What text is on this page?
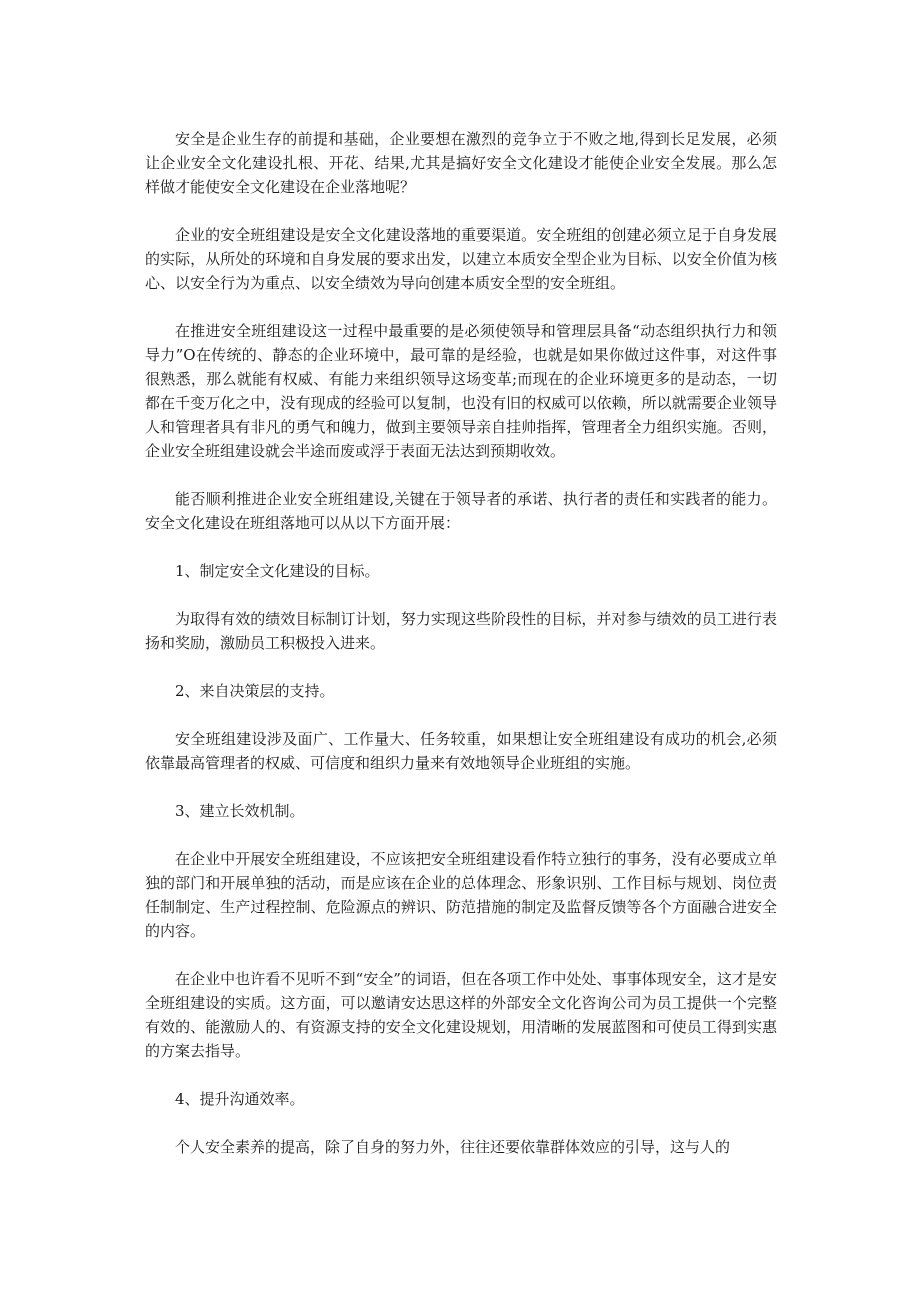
安全是企业生存的前提和基础，企业要想在激烈的竞争立于不败之地,得到长足发展，必须让企业安全文化建设扎根、开花、结果,尤其是搞好安全文化建设才能使企业安全发展。那么怎样做才能使安全文化建设在企业落地呢？

企业的安全班组建设是安全文化建设落地的重要渠道。安全班组的创建必须立足于自身发展的实际，从所处的环境和自身发展的要求出发，以建立本质安全型企业为目标、以安全价值为核心、以安全行为为重点、以安全绩效为导向创建本质安全型的安全班组。

在推进安全班组建设这一过程中最重要的是必须使领导和管理层具备“动态组织执行力和领导力”O在传统的、静态的企业环境中，最可靠的是经验，也就是如果你做过这件事，对这件事很熟悉，那么就能有权威、有能力来组织领导这场变革;而现在的企业环境更多的是动态，一切都在千变万化之中，没有现成的经验可以复制，也没有旧的权威可以依赖，所以就需要企业领导人和管理者具有非凡的勇气和魄力，做到主要领导亲自挂帅指挥，管理者全力组织实施。否则，企业安全班组建设就会半途而废或浮于表面无法达到预期收效。

能否顺利推进企业安全班组建设,关键在于领导者的承诺、执行者的责任和实践者的能力。安全文化建设在班组落地可以从以下方面开展：

1、制定安全文化建设的目标。

为取得有效的绩效目标制订计划，努力实现这些阶段性的目标，并对参与绩效的员工进行表扬和奖励，激励员工积极投入进来。

2、来自决策层的支持。

安全班组建设涉及面广、工作量大、任务较重，如果想让安全班组建设有成功的机会,必须依靠最高管理者的权威、可信度和组织力量来有效地领导企业班组的实施。

3、建立长效机制。

在企业中开展安全班组建设，不应该把安全班组建设看作特立独行的事务，没有必要成立单独的部门和开展单独的活动，而是应该在企业的总体理念、形象识别、工作目标与规划、岗位责任制制定、生产过程控制、危险源点的辨识、防范措施的制定及监督反馈等各个方面融合进安全的内容。

在企业中也许看不见听不到“安全”的词语，但在各项工作中处处、事事体现安全，这才是安全班组建设的实质。这方面，可以邀请安达思这样的外部安全文化咨询公司为员工提供一个完整有效的、能激励人的、有资源支持的安全文化建设规划，用清晰的发展蓝图和可使员工得到实惠的方案去指导。

4、提升沟通效率。

个人安全素养的提高，除了自身的努力外，往往还要依靠群体效应的引导，这与人的
